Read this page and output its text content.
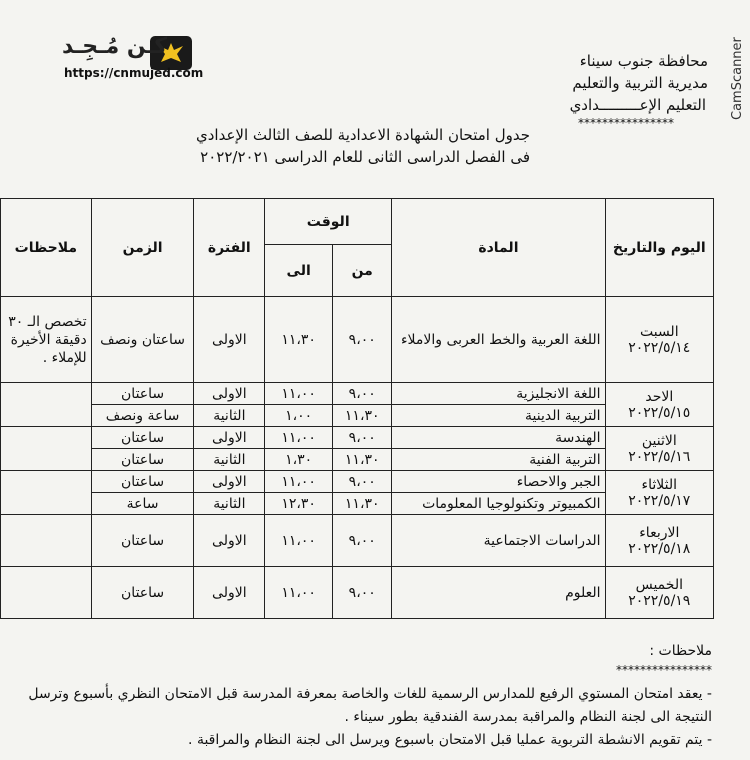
كـن مُـجِـد
https://cnmujed.com	CamScanner
محافظة جنوب سيناء
مديرية التربية والتعليم
التعليم الإعـــــــــدادي
****************
جدول امتحان الشهادة الاعدادية للصف الثالث الإعدادي
فى الفصل الدراسى الثانى للعام الدراسى ٢٠٢٢/٢٠٢١
اليوم والتاريخ	المادة	الوقت		الفترة	الزمن	ملاحظات
		من	الى			

السبت
٢٠٢٢/٥/١٤	اللغة العربية والخط العربى والاملاء	٩،٠٠	١١،٣٠	الاولى	ساعتان ونصف	تخصص الـ ٣٠ دقيقة الأخيرة للإملاء .

الاحد
٢٠٢٢/٥/١٥	اللغة الانجليزية	٩،٠٠	١١،٠٠	الاولى	ساعتان	
	التربية الدينية	١١،٣٠	١،٠٠	الثانية	ساعة ونصف	

الاثنين
٢٠٢٢/٥/١٦	الهندسة	٩،٠٠	١١،٠٠	الاولى	ساعتان	
	التربية الفنية	١١،٣٠	١،٣٠	الثانية	ساعتان	

الثلاثاء
٢٠٢٢/٥/١٧	الجبر والاحصاء	٩،٠٠	١١،٠٠	الاولى	ساعتان	
	الكمبيوتر وتكنولوجيا المعلومات	١١،٣٠	١٢،٣٠	الثانية	ساعة	

الاربعاء
٢٠٢٢/٥/١٨	الدراسات الاجتماعية	٩،٠٠	١١،٠٠	الاولى	ساعتان	

الخميس
٢٠٢٢/٥/١٩	العلوم	٩،٠٠	١١،٠٠	الاولى	ساعتان	
ملاحظات :
****************
- يعقد امتحان المستوي الرفيع للمدارس الرسمية للغات والخاصة بمعرفة المدرسة قبل الامتحان النظري بأسبوع وترسل النتيجة الى لجنة النظام والمراقبة بمدرسة الفندقية بطور سيناء .
- يتم تقويم الانشطة التربوية عمليا قبل الامتحان باسبوع ويرسل الى لجنة النظام والمراقبة .
